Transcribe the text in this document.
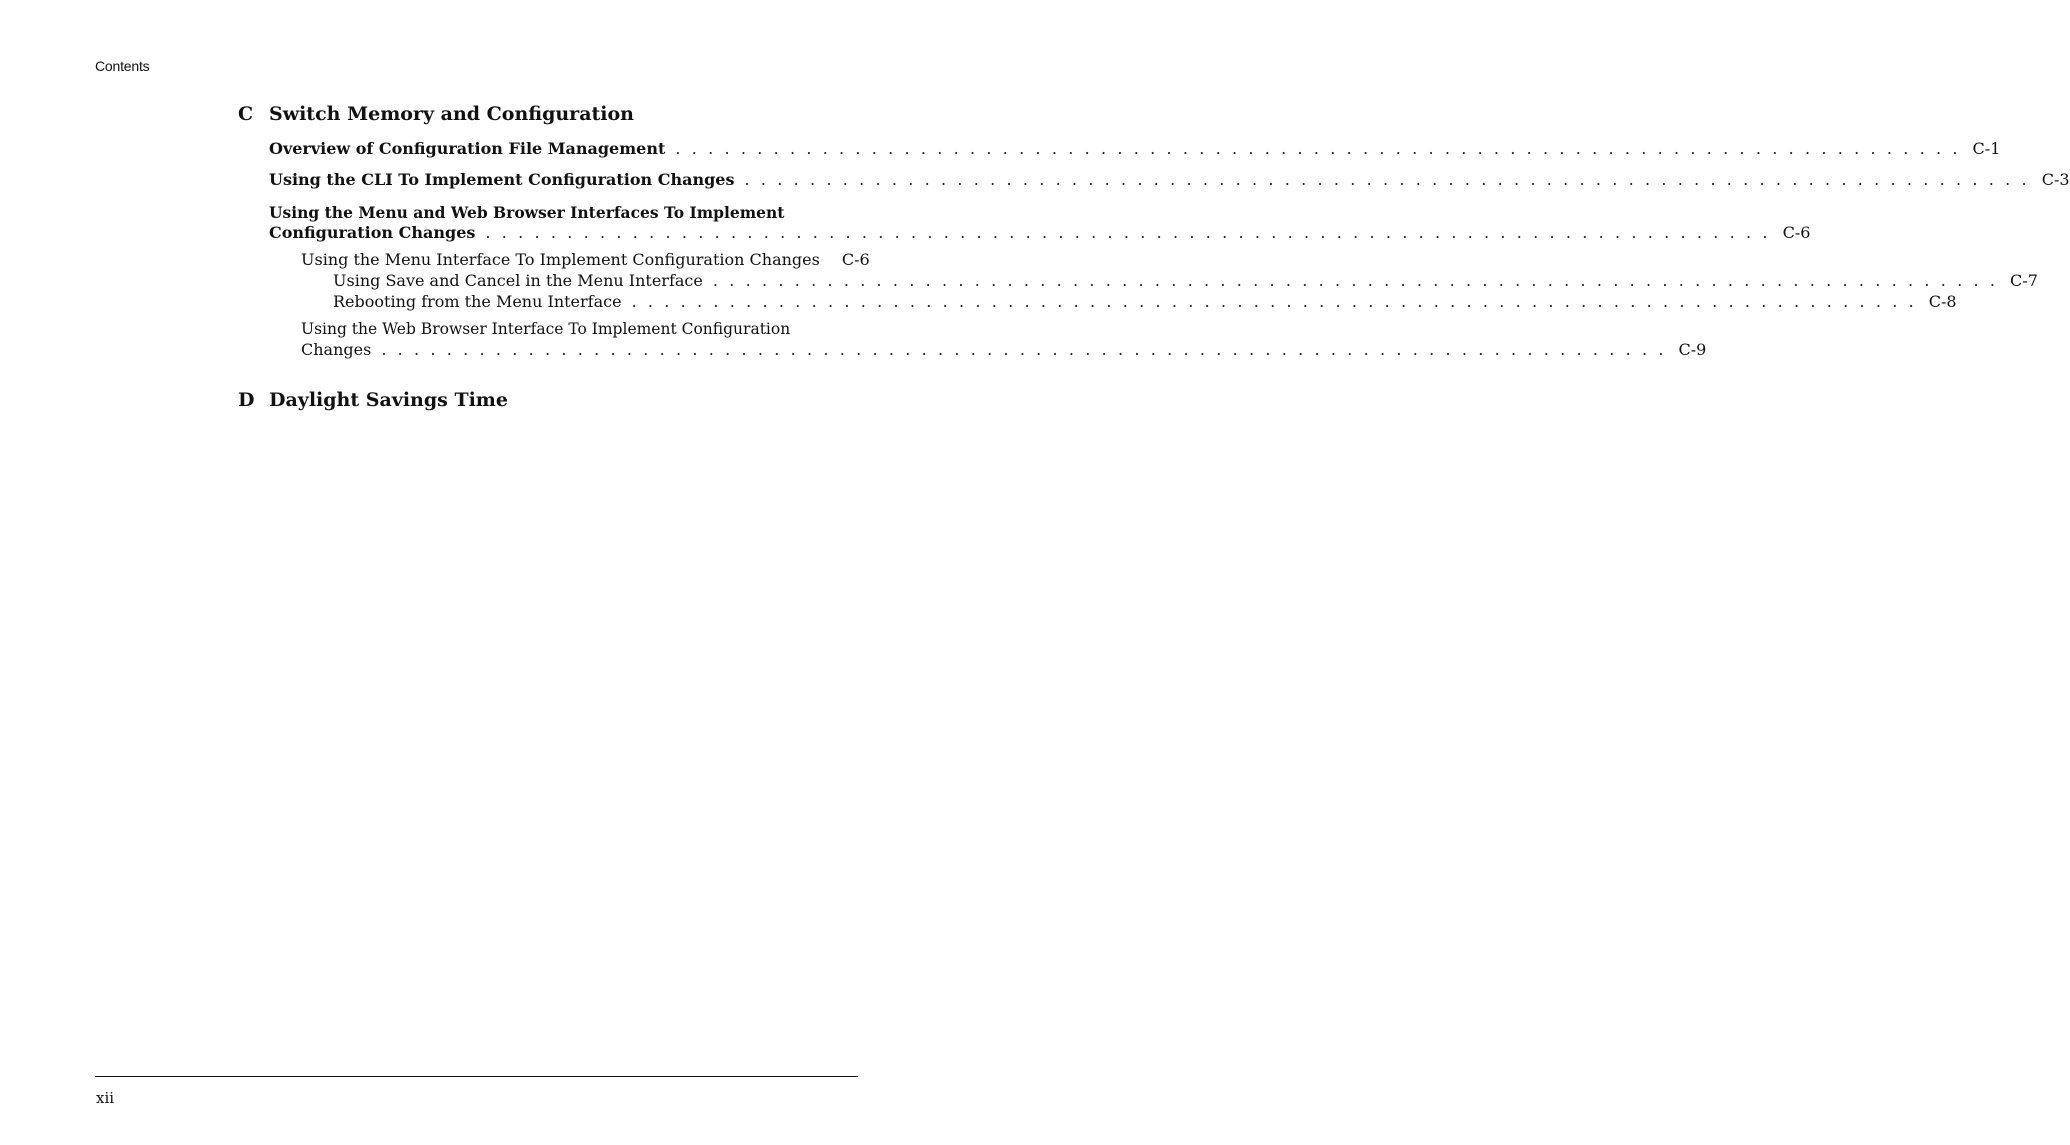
Contents
C Switch Memory and Configuration
Overview of Configuration File Management . . . . . . . . . . . . . . . . . . . . . . . . . . . . . . . . . . . . . . . . . . . . . . . . . . . . . . . . . . . . . . . . . . . . . . . . . . . . . . . C-1
Using the CLI To Implement Configuration Changes . . . . . . . . . . . . . . . . . . . . . . . . . . . . . . . . . . . . . . . . . . . . . . . . . . . . . . . . . . . . . . . . . . . . . . . . . . . . . . . C-3
Using the Menu and Web Browser Interfaces To Implement
Configuration Changes . . . . . . . . . . . . . . . . . . . . . . . . . . . . . . . . . . . . . . . . . . . . . . . . . . . . . . . . . . . . . . . . . . . . . . . . . . . . . . . C-6
Using the Menu Interface To Implement Configuration Changes	C-6
Using Save and Cancel in the Menu Interface . . . . . . . . . . . . . . . . . . . . . . . . . . . . . . . . . . . . . . . . . . . . . . . . . . . . . . . . . . . . . . . . . . . . . . . . . . . . . . . C-7
Rebooting from the Menu Interface . . . . . . . . . . . . . . . . . . . . . . . . . . . . . . . . . . . . . . . . . . . . . . . . . . . . . . . . . . . . . . . . . . . . . . . . . . . . . . . C-8
Using the Web Browser Interface To Implement Configuration
Changes . . . . . . . . . . . . . . . . . . . . . . . . . . . . . . . . . . . . . . . . . . . . . . . . . . . . . . . . . . . . . . . . . . . . . . . . . . . . . . . C-9
D Daylight Savings Time
xii
